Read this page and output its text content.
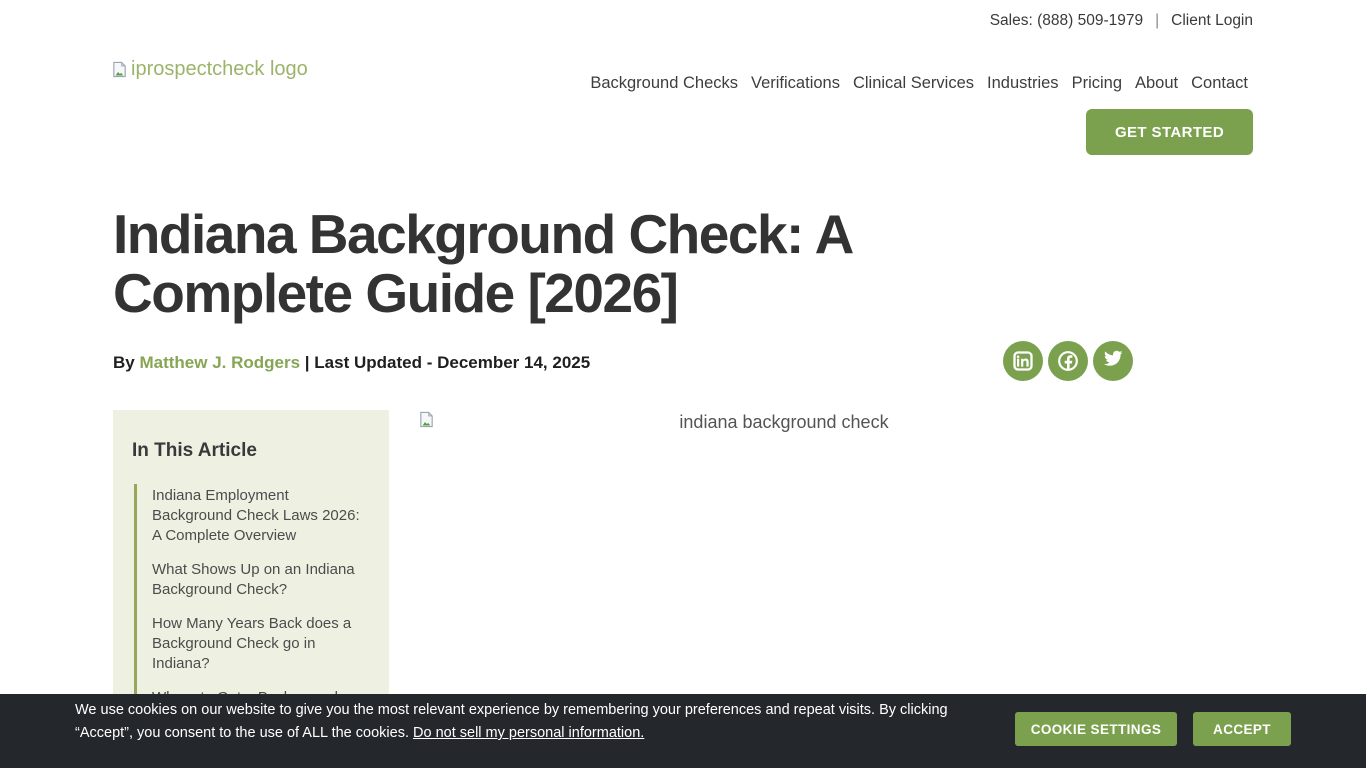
Sales: (888) 509-1979 | Client Login
iprospectcheck logo
Background Checks Verifications Clinical Services Industries Pricing About Contact
GET STARTED
Indiana Background Check: A Complete Guide [2026]
By Matthew J. Rodgers | Last Updated - December 14, 2025
In This Article
Indiana Employment Background Check Laws 2026: A Complete Overview
What Shows Up on an Indiana Background Check?
How Many Years Back does a Background Check go in Indiana?
indiana background check
We use cookies on our website to give you the most relevant experience by remembering your preferences and repeat visits. By clicking “Accept”, you consent to the use of ALL the cookies. Do not sell my personal information.	COOKIE SETTINGS	ACCEPT
